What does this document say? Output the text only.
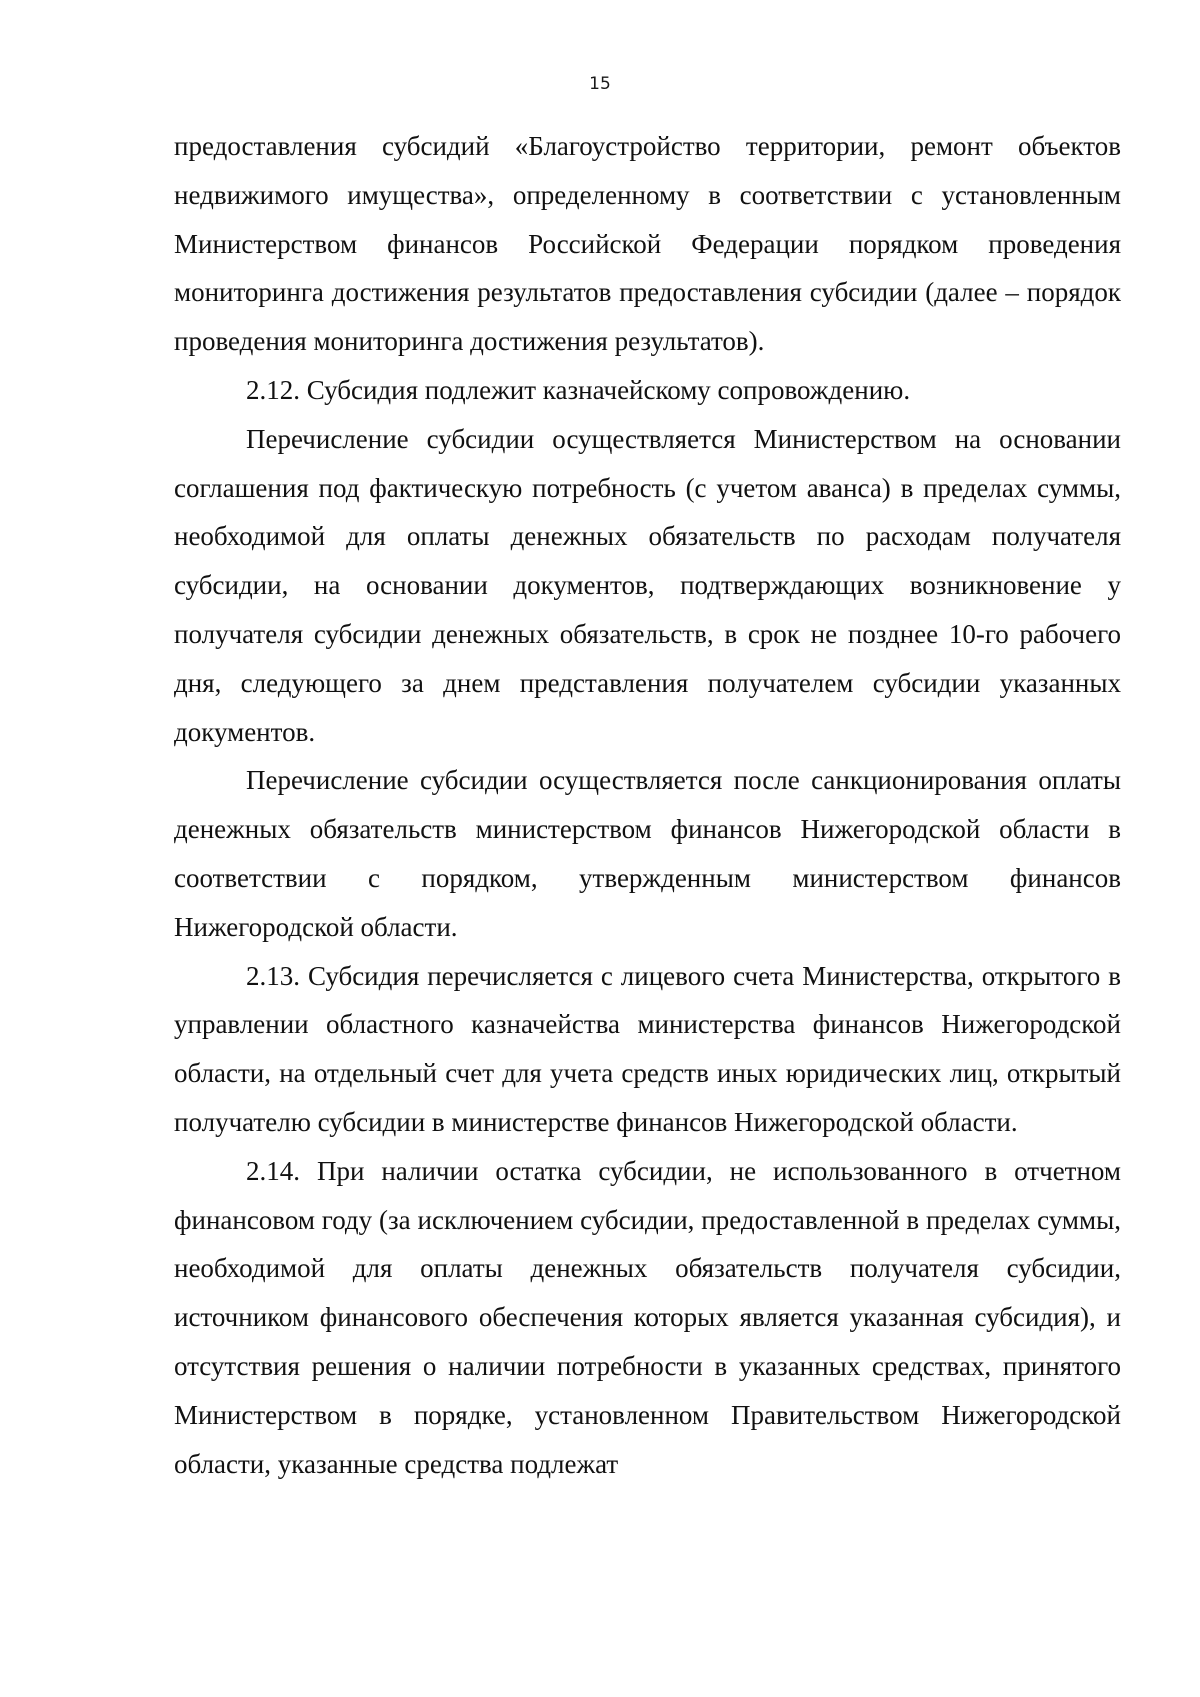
15

предоставления субсидий «Благоустройство территории, ремонт объектов недвижимого имущества», определенному в соответствии с установленным Министерством финансов Российской Федерации порядком проведения мониторинга достижения результатов предоставления субсидии (далее – порядок проведения мониторинга достижения результатов).

2.12. Субсидия подлежит казначейскому сопровождению.

Перечисление субсидии осуществляется Министерством на основании соглашения под фактическую потребность (с учетом аванса) в пределах суммы, необходимой для оплаты денежных обязательств по расходам получателя субсидии, на основании документов, подтверждающих возникновение у получателя субсидии денежных обязательств, в срок не позднее 10-го рабочего дня, следующего за днем представления получателем субсидии указанных документов.

Перечисление субсидии осуществляется после санкционирования оплаты денежных обязательств министерством финансов Нижегородской области в соответствии с порядком, утвержденным министерством финансов Нижегородской области.

2.13. Субсидия перечисляется с лицевого счета Министерства, открытого в управлении областного казначейства министерства финансов Нижегородской области, на отдельный счет для учета средств иных юридических лиц, открытый получателю субсидии в министерстве финансов Нижегородской области.

2.14. При наличии остатка субсидии, не использованного в отчетном финансовом году (за исключением субсидии, предоставленной в пределах суммы, необходимой для оплаты денежных обязательств получателя субсидии, источником финансового обеспечения которых является указанная субсидия), и отсутствия решения о наличии потребности в указанных средствах, принятого Министерством в порядке, установленном Правительством Нижегородской области, указанные средства подлежат
